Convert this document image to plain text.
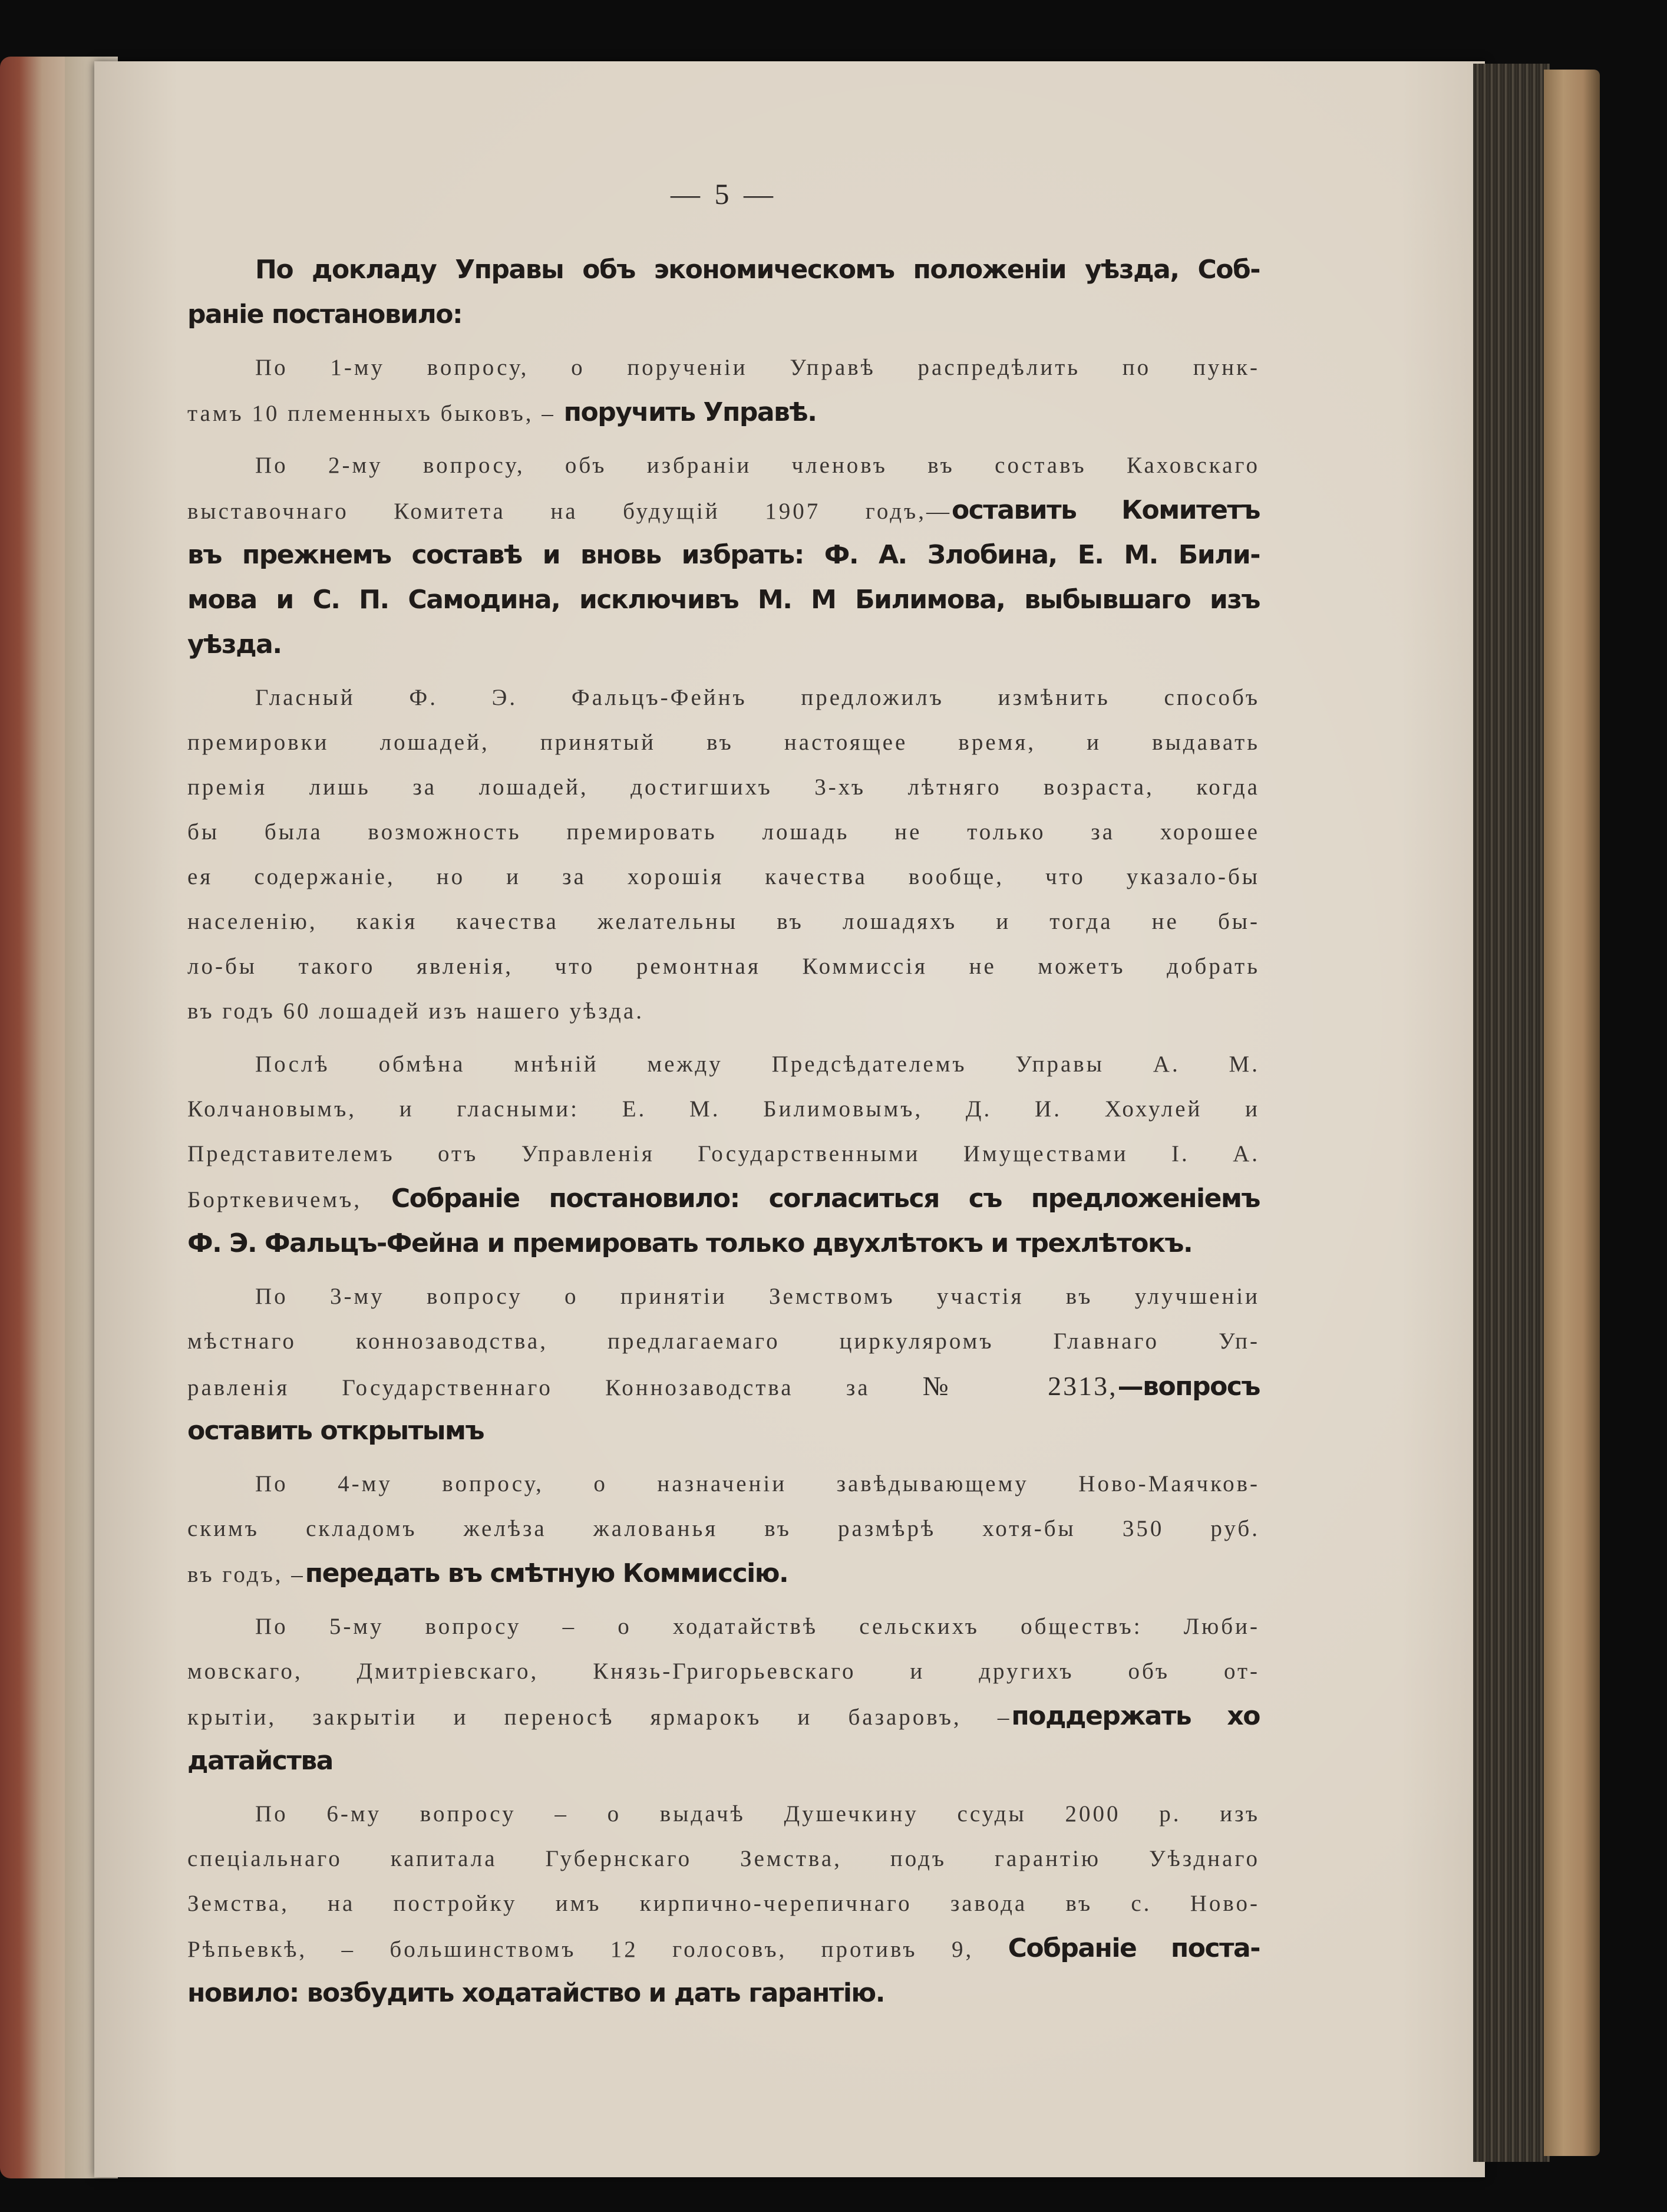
— 5 —
По докладу Управы объ экономическомъ положеніи уѣзда, Соб-
раніе постановило:
По 1-му вопросу, о порученіи Управѣ распредѣлить по пунк-
тамъ 10 племенныхъ быковъ, – поручить Управѣ.
По 2-му вопросу, объ избраніи членовъ въ составъ Каховскаго
выставочнаго Комитета на будущій 1907 годъ,—оставить Комитетъ
въ прежнемъ составѣ и вновь избрать: Ф. А. Злобина, Е. М. Били-
мова и С. П. Самодина, исключивъ М. М Билимова, выбывшаго изъ
уѣзда.
Гласный Ф. Э. Фальцъ-Фейнъ предложилъ измѣнить способъ
премировки лошадей, принятый въ настоящее время, и выдавать
премія лишь за лошадей, достигшихъ 3-хъ лѣтняго возраста, когда
бы была возможность премировать лошадь не только за хорошее
ея содержаніе, но и за хорошія качества вообще, что указало-бы
населенію, какія качества желательны въ лошадяхъ и тогда не бы-
ло-бы такого явленія, что ремонтная Коммиссія не можетъ добрать
въ годъ 60 лошадей изъ нашего уѣзда.
Послѣ обмѣна мнѣній между Предсѣдателемъ Управы А. М.
Колчановымъ, и гласными: Е. М. Билимовымъ, Д. И. Хохулей и
Представителемъ отъ Управленія Государственными Имуществами I. А.
Борткевичемъ, Собраніе постановило: согласиться съ предложеніемъ
Ф. Э. Фальцъ-Фейна и премировать только двухлѣтокъ и трехлѣтокъ.
По 3-му вопросу о принятіи Земствомъ участія въ улучшеніи
мѣстнаго коннозаводства, предлагаемаго циркуляромъ Главнаго Уп-
равленія Государственнаго Коннозаводства за № 2313,—вопросъ
оставить открытымъ
По 4-му вопросу, о назначеніи завѣдывающему Ново-Маячков-
скимъ складомъ желѣза жалованья въ размѣрѣ хотя-бы 350 руб.
въ годъ, –передать въ смѣтную Коммиссію.
По 5-му вопросу – о ходатайствѣ сельскихъ обществъ: Люби-
мовскаго, Дмитріевскаго, Князь-Григорьевскаго и другихъ объ от-
крытіи, закрытіи и переносѣ ярмарокъ и базаровъ, –поддержать хо
датайства
По 6-му вопросу – о выдачѣ Душечкину ссуды 2000 р. изъ
спеціальнаго капитала Губернскаго Земства, подъ гарантію Уѣзднаго
Земства, на постройку имъ кирпично-черепичнаго завода въ с. Ново-
Рѣпьевкѣ, – большинствомъ 12 голосовъ, противъ 9, Собраніе поста-
новило: возбудить ходатайство и дать гарантію.
